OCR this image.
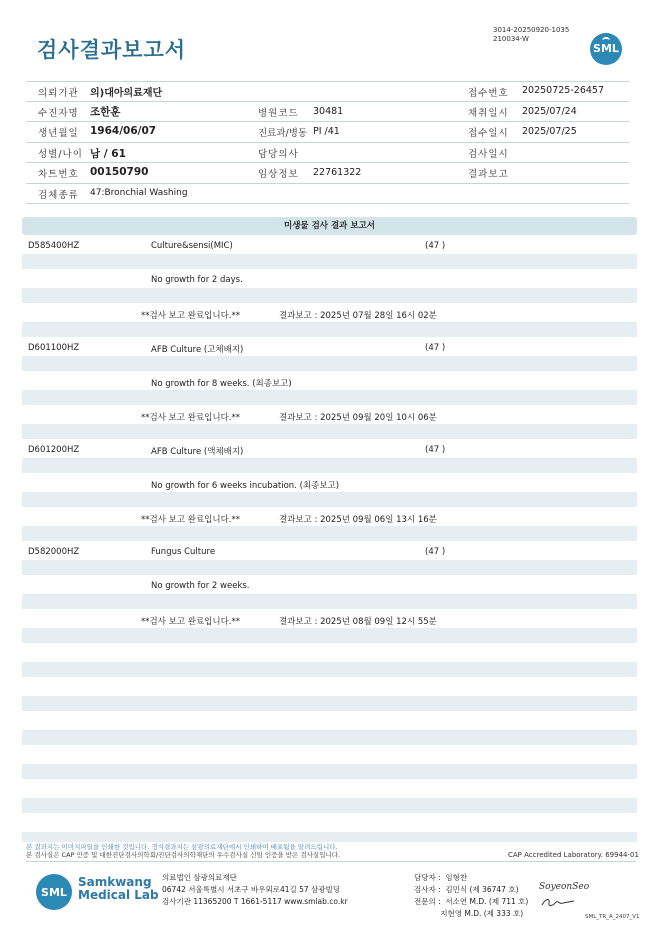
검사결과보고서
3014-20250920-1035
210034-W
SML
의뢰기관 의)대아의료재단	접수번호 20250725-26457
수진자명 조한훈	병원코드 30481	채취일시 2025/07/24
생년월일 1964/06/07	진료과/병동 PI /41	접수일시 2025/07/25
성별/나이 남 / 61	담당의사	검사일시
차트번호 00150790	임상정보 22761322	결과보고
검체종류 47:Bronchial Washing
미생물 검사 결과 보고서
D585400HZ	Culture&sensi(MIC)	(47 )
No growth for 2 days.
**검사 보고 완료입니다.**	결과보고 : 2025년 07월 28일 16시 02분
D601100HZ	AFB Culture (고체배지)	(47 )
No growth for 8 weeks. (최종보고)
**검사 보고 완료입니다.**	결과보고 : 2025년 09월 20일 10시 06분
D601200HZ	AFB Culture (액체배지)	(47 )
No growth for 6 weeks incubation. (최종보고)
**검사 보고 완료입니다.**	결과보고 : 2025년 09월 06일 13시 16분
D582000HZ	Fungus Culture	(47 )
No growth for 2 weeks.
**검사 보고 완료입니다.**	결과보고 : 2025년 08월 09일 12시 55분
본 결과지는 이미지파일을 인쇄한 것입니다. 정식결과지는 삼광의료재단에서 인쇄하여 배포됨을 알려드립니다.
본 검사실은 CAP 인증 및 대한진단검사의학회/진단검사의학재단의 우수검사실 신임 인증을 받은 검사실입니다.	CAP Accredited Laboratory. 69944-01
SML
Samkwang
Medical Lab
의료법인 삼광의료재단
06742 서울특별시 서초구 바우뫼로41길 57 삼광빌딩
검사기관 11365200 T 1661-5117 www.smlab.co.kr
담당자 :  임형찬
검사자 :  김민식 (제 36747 호)
전문의 :  서소연 M.D. (제 711 호)
지현영 M.D. (제 333 호)
SoyeonSeo
SML_TR_A_2407_V1
